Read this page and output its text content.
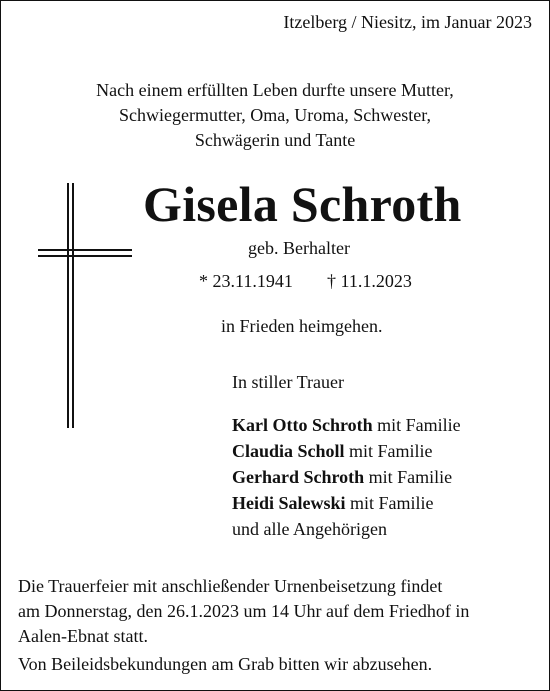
Itzelberg / Niesitz, im Januar 2023
Nach einem erfüllten Leben durfte unsere Mutter,
Schwiegermutter, Oma, Uroma, Schwester,
Schwägerin und Tante
Gisela Schroth
geb. Berhalter
* 23.11.1941 † 11.1.2023
in Frieden heimgehen.
In stiller Trauer
Karl Otto Schroth mit Familie
Claudia Scholl mit Familie
Gerhard Schroth mit Familie
Heidi Salewski mit Familie
und alle Angehörigen
Die Trauerfeier mit anschließender Urnenbeisetzung findet
am Donnerstag, den 26.1.2023 um 14 Uhr auf dem Friedhof in
Aalen-Ebnat statt.
Von Beileidsbekundungen am Grab bitten wir abzusehen.
